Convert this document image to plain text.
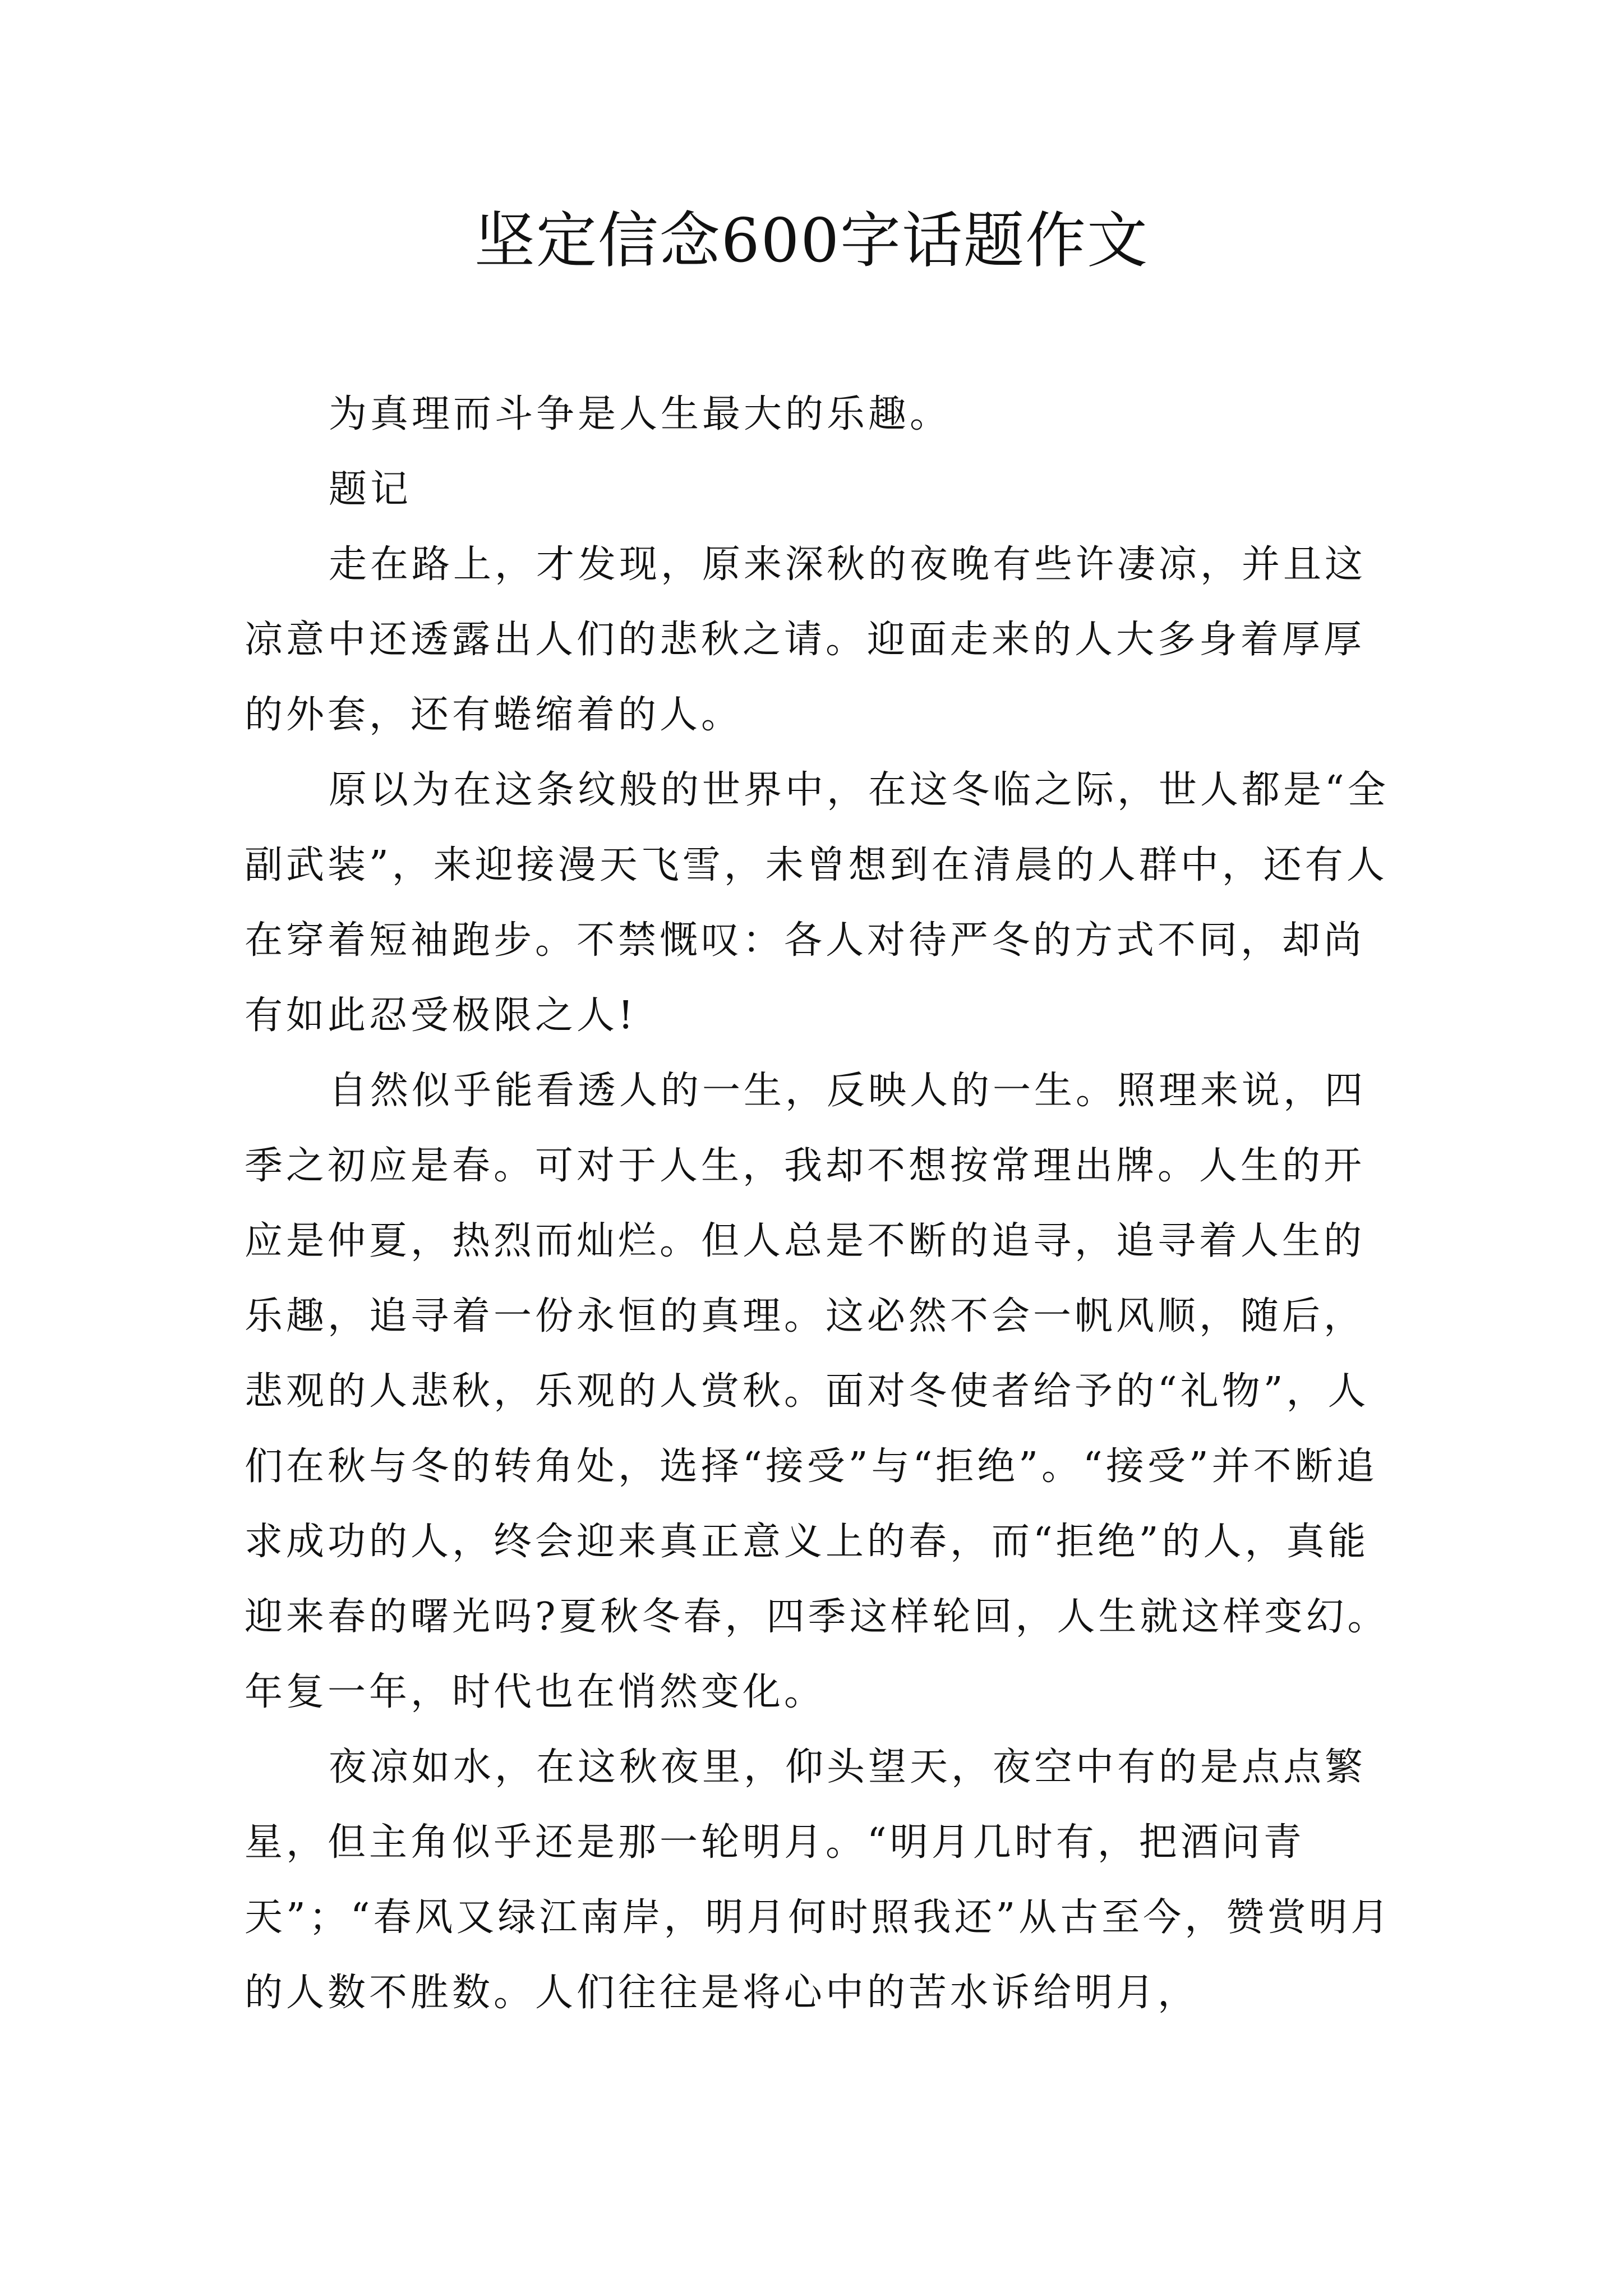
坚定信念600字话题作文

为真理而斗争是人生最大的乐趣。

题记

走在路上，才发现，原来深秋的夜晚有些许凄凉，并且这凉意中还透露出人们的悲秋之请。迎面走来的人大多身着厚厚的外套，还有蜷缩着的人。

原以为在这条纹般的世界中，在这冬临之际，世人都是“全副武装”，来迎接漫天飞雪，未曾想到在清晨的人群中，还有人在穿着短袖跑步。不禁慨叹：各人对待严冬的方式不同，却尚有如此忍受极限之人!

自然似乎能看透人的一生，反映人的一生。照理来说，四季之初应是春。可对于人生，我却不想按常理出牌。人生的开应是仲夏，热烈而灿烂。但人总是不断的追寻，追寻着人生的乐趣，追寻着一份永恒的真理。这必然不会一帆风顺，随后，悲观的人悲秋，乐观的人赏秋。面对冬使者给予的“礼物”，人们在秋与冬的转角处，选择“接受”与“拒绝”。“接受”并不断追求成功的人，终会迎来真正意义上的春，而“拒绝”的人，真能迎来春的曙光吗?夏秋冬春，四季这样轮回，人生就这样变幻。年复一年，时代也在悄然变化。

夜凉如水，在这秋夜里，仰头望天，夜空中有的是点点繁星，但主角似乎还是那一轮明月。“明月几时有，把酒问青天”；“春风又绿江南岸，明月何时照我还”从古至今，赞赏明月的人数不胜数。人们往往是将心中的苦水诉给明月，
